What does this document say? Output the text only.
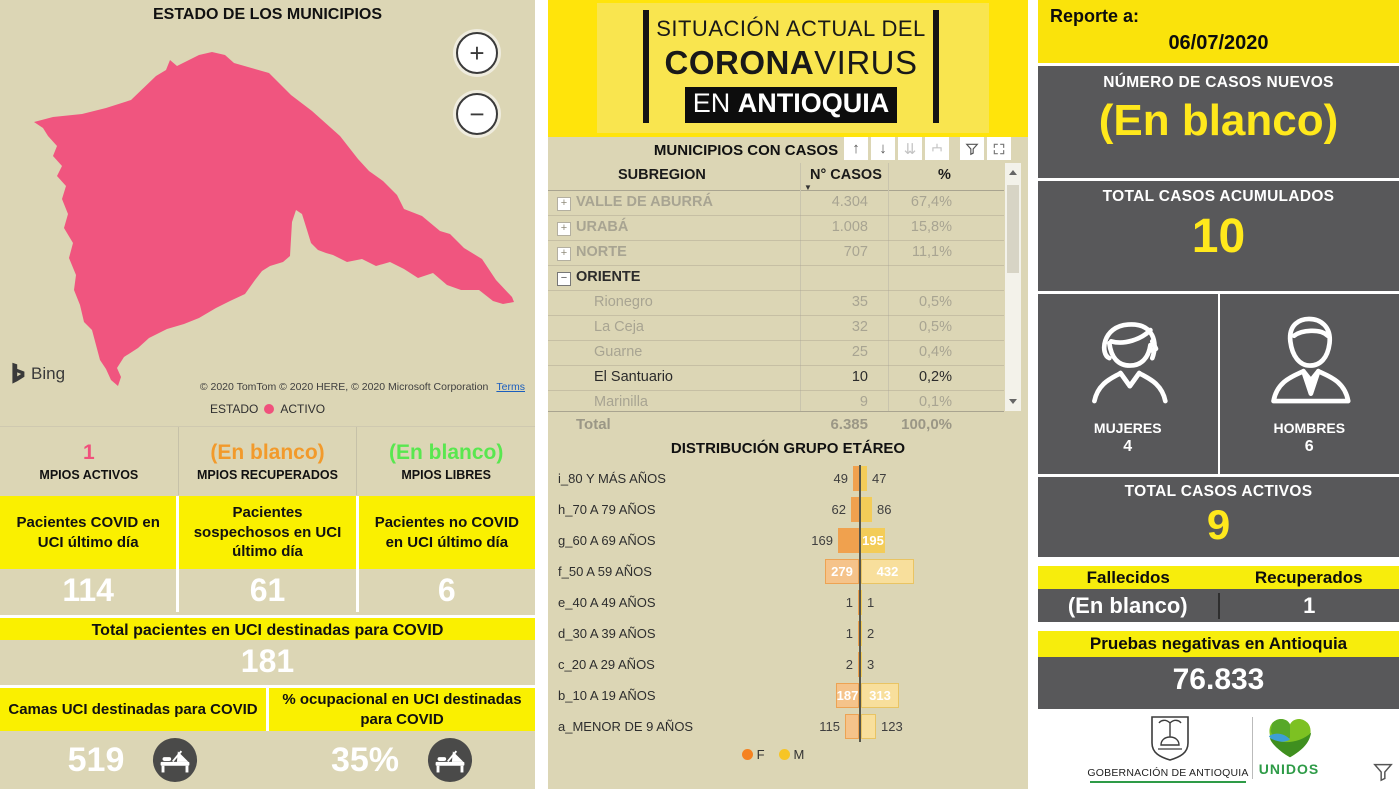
ESTADO DE LOS MUNICIPIOS
+
−
Bing
© 2020 TomTom © 2020 HERE, © 2020 Microsoft Corporation Terms
ESTADO ACTIVO
1
MPIOS ACTIVOS
(En blanco)
MPIOS RECUPERADOS
(En blanco)
MPIOS LIBRES
Pacientes COVID en UCI último día
Pacientes sospechosos en UCI último día
Pacientes no COVID en UCI último día
114	61	6
Total pacientes en UCI destinadas para COVID
181
Camas UCI destinadas para COVID
% ocupacional en UCI destinadas para COVID
519	35%
SITUACIÓN ACTUAL DEL
CORONAVIRUS
EN ANTIOQUIA
MUNICIPIOS CON CASOS ↑	↓	⇊
SUBREGION	N° CASOS	%
▼
+ VALLE DE ABURRÁ	4.304	67,4%
+ URABÁ	1.008	15,8%
+ NORTE	707	11,1%
− ORIENTE
Rionegro	35	0,5%
La Ceja	32	0,5%
Guarne	25	0,4%
El Santuario	10	0,2%
Marinilla	9	0,1%
Total	6.385	100,0%
DISTRIBUCIÓN GRUPO ETÁREO
i_80 Y MÁS AÑOS	49 47
h_70 A 79 AÑOS	62 86
g_60 A 69 AÑOS	169 195
f_50 A 59 AÑOS	279	432
e_40 A 49 AÑOS	1 1
d_30 A 39 AÑOS	1 2
c_20 A 29 AÑOS	2 3
b_10 A 19 AÑOS	187 313
a_MENOR DE 9 AÑOS	115	123
F	M
Reporte a:
06/07/2020
NÚMERO DE CASOS NUEVOS
(En blanco)
TOTAL CASOS ACUMULADOS
10
MUJERES
4
HOMBRES
6
TOTAL CASOS ACTIVOS
9
Fallecidos	Recuperados
(En blanco)	1
Pruebas negativas en Antioquia
76.833
GOBERNACIÓN DE ANTIOQUIA UNIDOS
